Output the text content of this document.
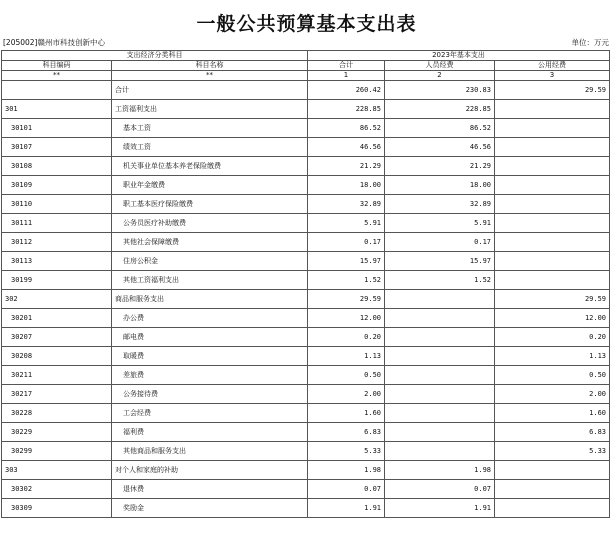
一般公共预算基本支出表
[205002]赣州市科技创新中心	单位：万元
支出经济分类科目		2023年基本支出		
科目编码	科目名称	合计	人员经费	公用经费
**	**	1	2	3
	合计	260.42	230.83	29.59
301	工资福利支出	228.85	228.85	
30101	基本工资	86.52	86.52	
30107	绩效工资	46.56	46.56	
30108	机关事业单位基本养老保险缴费	21.29	21.29	
30109	职业年金缴费	18.00	18.00	
30110	职工基本医疗保险缴费	32.89	32.89	
30111	公务员医疗补助缴费	5.91	5.91	
30112	其他社会保障缴费	0.17	0.17	
30113	住房公积金	15.97	15.97	
30199	其他工资福利支出	1.52	1.52	
302	商品和服务支出	29.59		29.59
30201	办公费	12.00		12.00
30207	邮电费	0.20		0.20
30208	取暖费	1.13		1.13
30211	差旅费	0.50		0.50
30217	公务接待费	2.00		2.00
30228	工会经费	1.60		1.60
30229	福利费	6.83		6.83
30299	其他商品和服务支出	5.33		5.33
303	对个人和家庭的补助	1.98	1.98	
30302	退休费	0.07	0.07	
30309	奖励金	1.91	1.91	
